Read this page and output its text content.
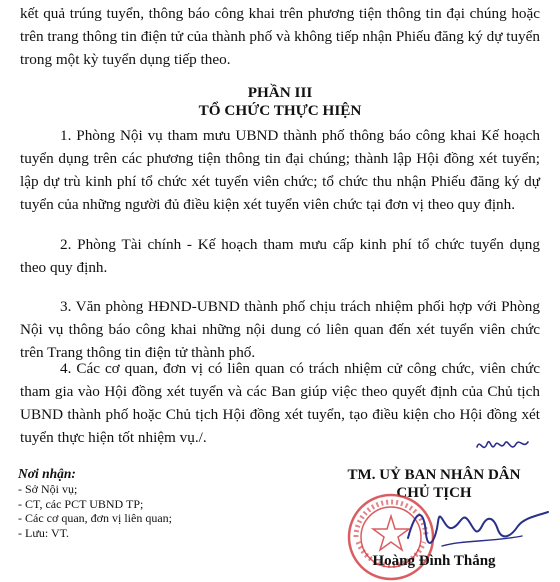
kết quả trúng tuyển, thông báo công khai trên phương tiện thông tin đại chúng hoặc trên trang thông tin điện tử của thành phố và không tiếp nhận Phiếu đăng ký dự tuyển trong một kỳ tuyển dụng tiếp theo.

PHẦN III
TỔ CHỨC THỰC HIỆN

1. Phòng Nội vụ tham mưu UBND thành phố thông báo công khai Kế hoạch tuyển dụng trên các phương tiện thông tin đại chúng; thành lập Hội đồng xét tuyển; lập dự trù kinh phí tổ chức xét tuyển viên chức; tổ chức thu nhận Phiếu đăng ký dự tuyển của những người đủ điều kiện xét tuyển viên chức tại đơn vị theo quy định.

2. Phòng Tài chính - Kế hoạch tham mưu cấp kinh phí tổ chức tuyển dụng theo quy định.

3. Văn phòng HĐND-UBND thành phố chịu trách nhiệm phối hợp với Phòng Nội vụ thông báo công khai những nội dung có liên quan đến xét tuyển viên chức trên Trang thông tin điện tử thành phố.

4. Các cơ quan, đơn vị có liên quan có trách nhiệm cử công chức, viên chức tham gia vào Hội đồng xét tuyển và các Ban giúp việc theo quyết định của Chủ tịch UBND thành phố hoặc Chủ tịch Hội đồng xét tuyển, tạo điều kiện cho Hội đồng xét tuyển thực hiện tốt nhiệm vụ./.

Nơi nhận:
- Sở Nội vụ;
- CT, các PCT UBND TP;
- Các cơ quan, đơn vị liên quan;
- Lưu: VT.
TM. UỶ BAN NHÂN DÂN
CHỦ TỊCH
Hoàng Đình Thắng
